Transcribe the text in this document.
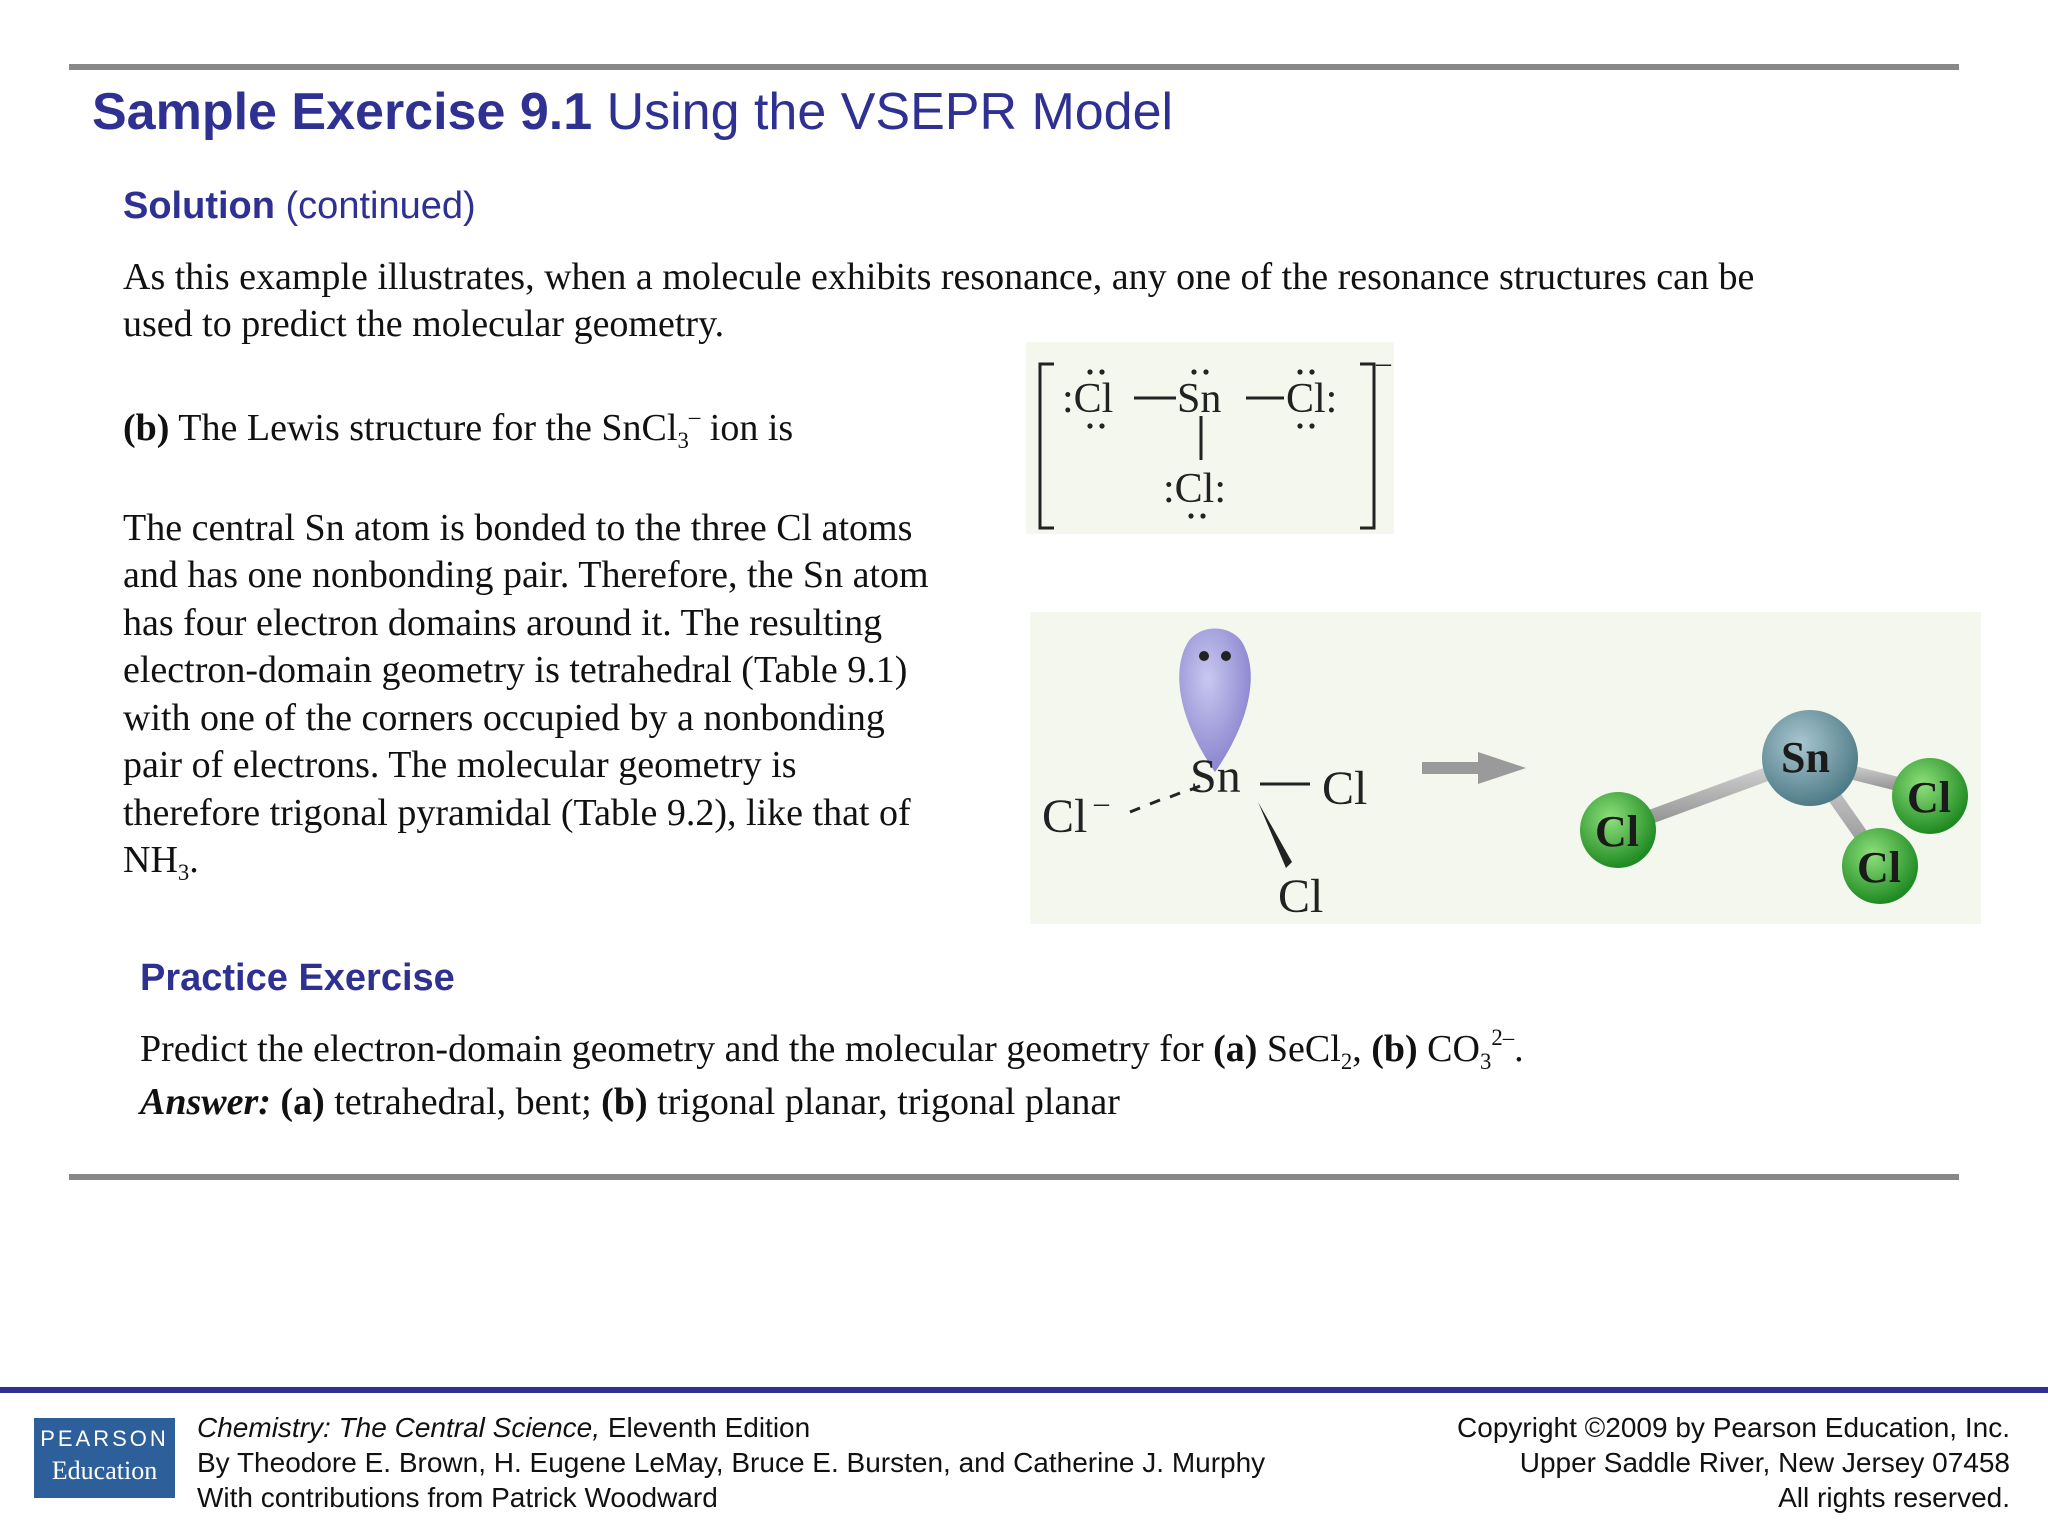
Sample Exercise 9.1 Using the VSEPR Model
Solution (continued)
As this example illustrates, when a molecule exhibits resonance, any one of the resonance structures can be
used to predict the molecular geometry.
(b) The Lewis structure for the SnCl$_3$– ion is
The central Sn atom is bonded to the three Cl atoms
and has one nonbonding pair. Therefore, the Sn atom
has four electron domains around it. The resulting
electron-domain geometry is tetrahedral (Table 9.1)
with one of the corners occupied by a nonbonding
pair of electrons. The molecular geometry is
therefore trigonal pyramidal (Table 9.2), like that of
$NH_3$.
:Cl Sn Cl:
:Cl:
–
Sn
Cl –	Cl
Cl
Sn
Cl
Cl
Cl
Practice Exercise
Predict the electron-domain geometry and the molecular geometry for (a) SeCl$_2$, (b) $CO_3^{2-}$.
Answer: (a) tetrahedral, bent; (b) trigonal planar, trigonal planar
PEARSON
Education
Chemistry: The Central Science, Eleventh Edition
By Theodore E. Brown, H. Eugene LeMay, Bruce E. Bursten, and Catherine J. Murphy
With contributions from Patrick Woodward
Copyright ©2009 by Pearson Education, Inc.
Upper Saddle River, New Jersey 07458
All rights reserved.
